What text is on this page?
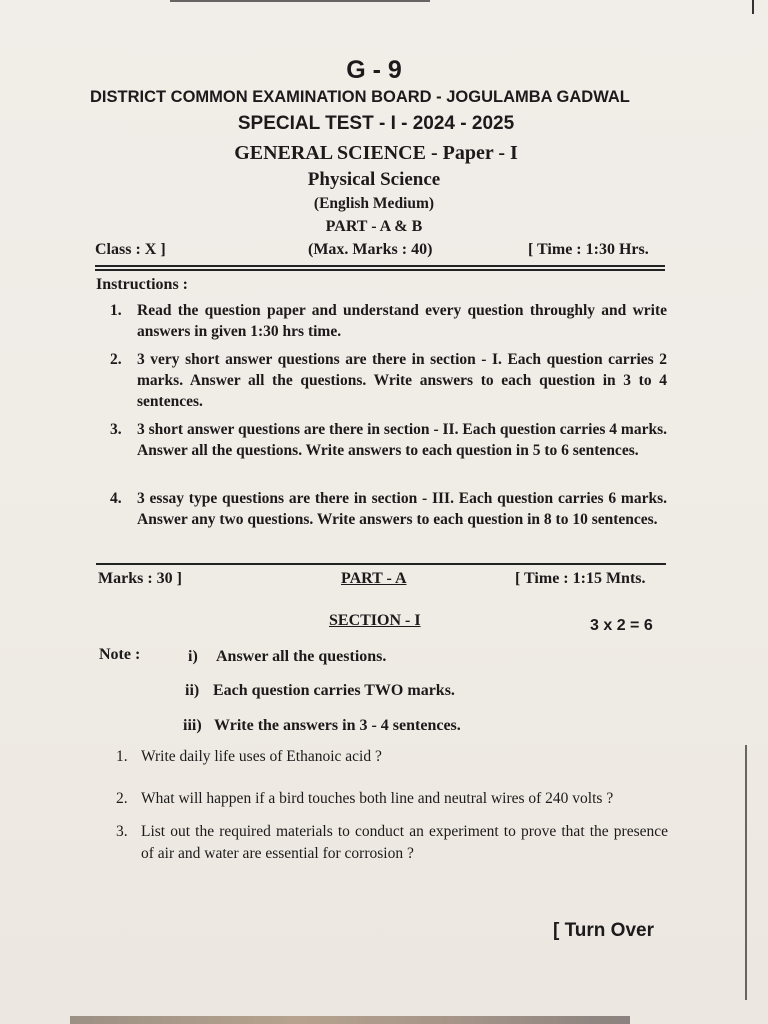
G - 9
DISTRICT COMMON EXAMINATION BOARD - JOGULAMBA GADWAL
SPECIAL TEST - I - 2024 - 2025
GENERAL SCIENCE - Paper - I
Physical Science
(English Medium)
PART - A & B
Class : X ]	(Max. Marks : 40)	[ Time : 1:30 Hrs.
Instructions :
1. Read the question paper and understand every question throughly and write answers in given 1:30 hrs time.
2. 3 very short answer questions are there in section - I. Each question carries 2 marks. Answer all the questions. Write answers to each question in 3 to 4 sentences.
3. 3 short answer questions are there in section - II. Each question carries 4 marks. Answer all the questions. Write answers to each question in 5 to 6 sentences.
4. 3 essay type questions are there in section - III. Each question carries 6 marks. Answer any two questions. Write answers to each question in 8 to 10 sentences.
Marks : 30 ]	PART - A	[ Time : 1:15 Mnts.
SECTION - I	3 x 2 = 6
Note :	i) Answer all the questions.
ii) Each question carries TWO marks.
iii) Write the answers in 3 - 4 sentences.
1. Write daily life uses of Ethanoic acid ?
2. What will happen if a bird touches both line and neutral wires of 240 volts ?
3. List out the required materials to conduct an experiment to prove that the presence of air and water are essential for corrosion ?
[ Turn Over
